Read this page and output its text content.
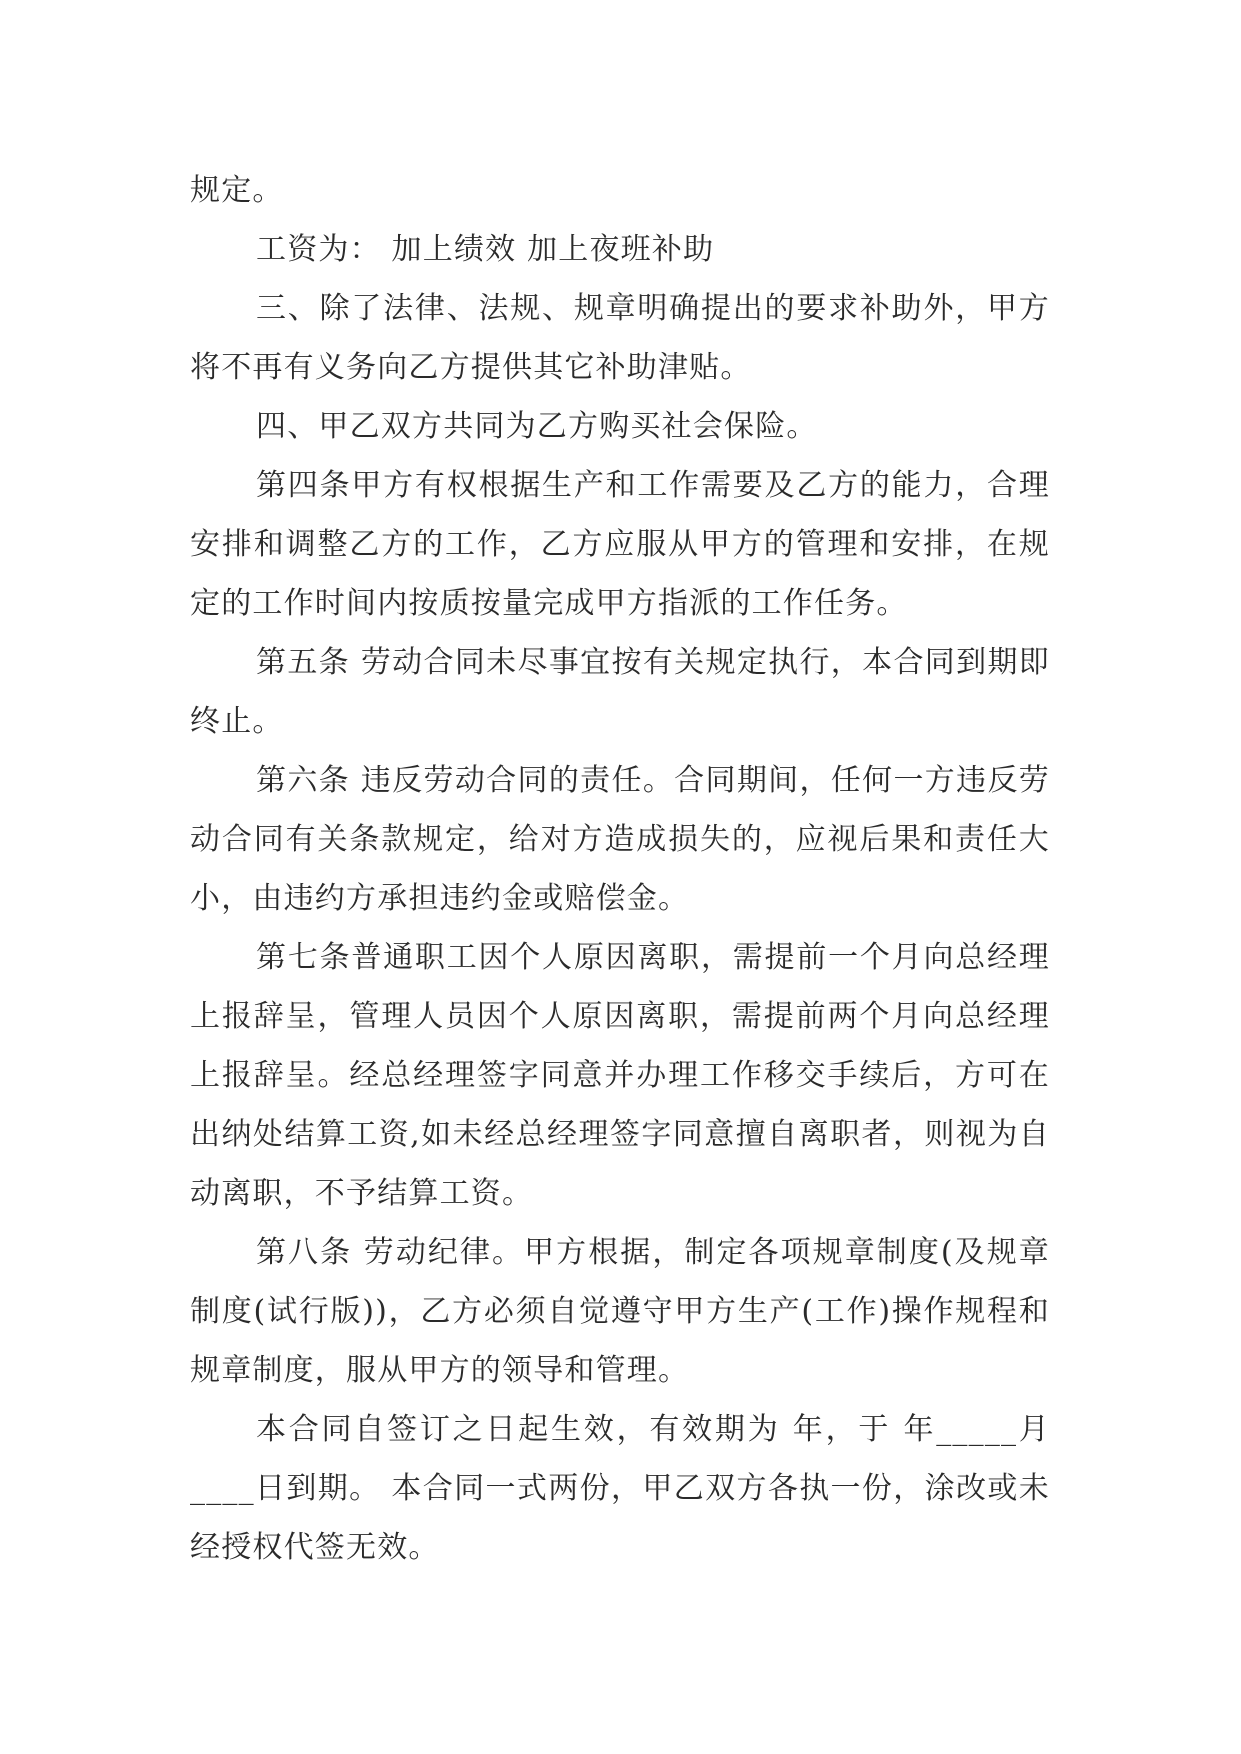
规定。

工资为： 加上绩效 加上夜班补助

三、除了法律、法规、规章明确提出的要求补助外，甲方将不再有义务向乙方提供其它补助津贴。

四、甲乙双方共同为乙方购买社会保险。

第四条甲方有权根据生产和工作需要及乙方的能力，合理安排和调整乙方的工作，乙方应服从甲方的管理和安排，在规定的工作时间内按质按量完成甲方指派的工作任务。

第五条 劳动合同未尽事宜按有关规定执行，本合同到期即终止。

第六条 违反劳动合同的责任。合同期间，任何一方违反劳动合同有关条款规定，给对方造成损失的，应视后果和责任大小，由违约方承担违约金或赔偿金。

第七条普通职工因个人原因离职，需提前一个月向总经理上报辞呈，管理人员因个人原因离职，需提前两个月向总经理上报辞呈。经总经理签字同意并办理工作移交手续后，方可在出纳处结算工资,如未经总经理签字同意擅自离职者，则视为自动离职，不予结算工资。

第八条 劳动纪律。甲方根据，制定各项规章制度(及规章制度(试行版))，乙方必须自觉遵守甲方生产(工作)操作规程和规章制度，服从甲方的领导和管理。

本合同自签订之日起生效，有效期为 年，于 年_____月____日到期。 本合同一式两份，甲乙双方各执一份，涂改或未经授权代签无效。
